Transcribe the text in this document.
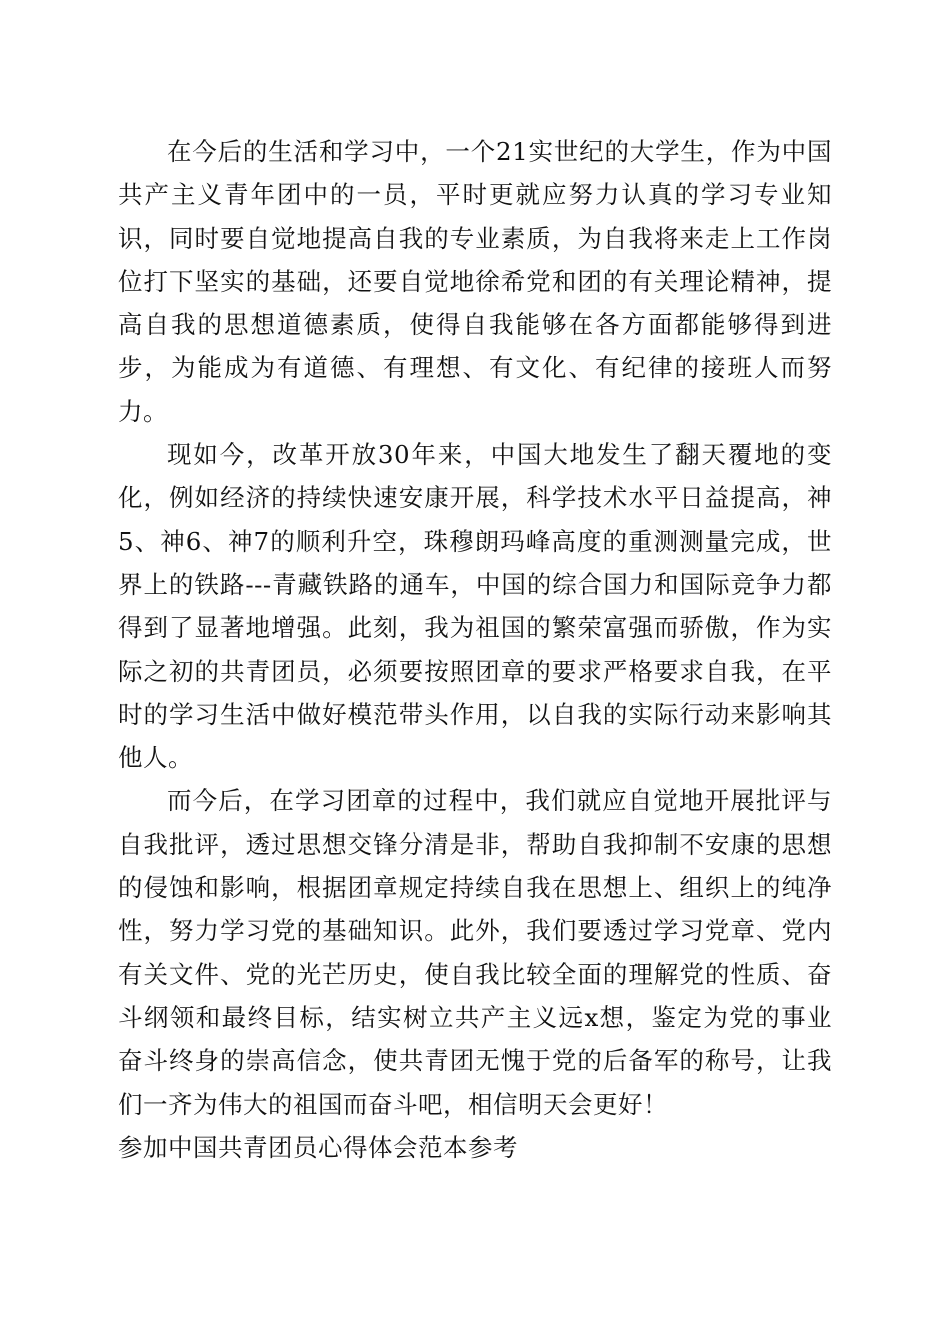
在今后的生活和学习中，一个21实世纪的大学生，作为中国共产主义青年团中的一员，平时更就应努力认真的学习专业知识，同时要自觉地提高自我的专业素质，为自我将来走上工作岗位打下坚实的基础，还要自觉地徐希党和团的有关理论精神，提高自我的思想道德素质，使得自我能够在各方面都能够得到进步，为能成为有道德、有理想、有文化、有纪律的接班人而努力。

现如今，改革开放30年来，中国大地发生了翻天覆地的变化，例如经济的持续快速安康开展，科学技术水平日益提高，神5、神6、神7的顺利升空，珠穆朗玛峰高度的重测测量完成，世界上的铁路---青藏铁路的通车，中国的综合国力和国际竞争力都得到了显著地增强。此刻，我为祖国的繁荣富强而骄傲，作为实际之初的共青团员，必须要按照团章的要求严格要求自我，在平时的学习生活中做好模范带头作用，以自我的实际行动来影响其他人。

而今后，在学习团章的过程中，我们就应自觉地开展批评与自我批评，透过思想交锋分清是非，帮助自我抑制不安康的思想的侵蚀和影响，根据团章规定持续自我在思想上、组织上的纯净性，努力学习党的基础知识。此外，我们要透过学习党章、党内有关文件、党的光芒历史，使自我比较全面的理解党的性质、奋斗纲领和最终目标，结实树立共产主义远x想，鉴定为党的事业奋斗终身的崇高信念，使共青团无愧于党的后备军的称号，让我们一齐为伟大的祖国而奋斗吧，相信明天会更好！

参加中国共青团员心得体会范本参考
